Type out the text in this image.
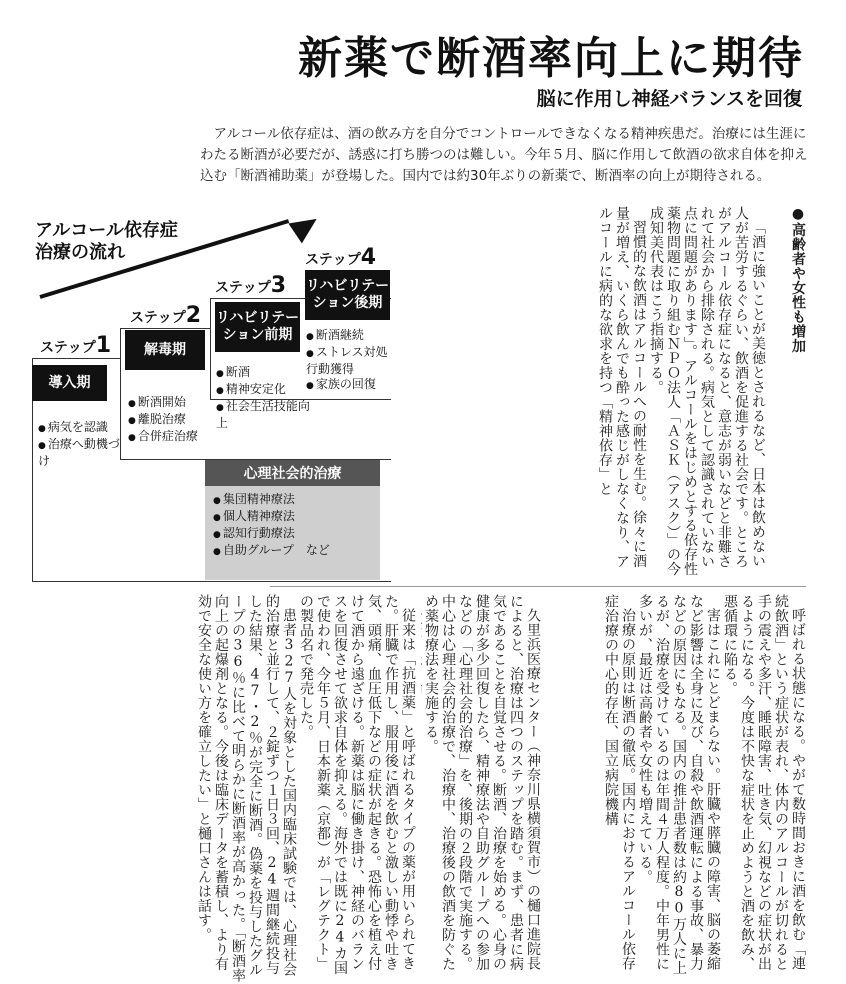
新薬で断酒率向上に期待
脳に作用し神経バランスを回復
アルコール依存症は、酒の飲み方を自分でコントロールできなくなる精神疾患だ。治療には生涯にわたる断酒が必要だが、誘惑に打ち勝つのは難しい。今年５月、脳に作用して飲酒の欲求自体を抑え込む「断酒補助薬」が登場した。国内では約30年ぶりの新薬で、断酒率の向上が期待される。

●高齢者や女性も増加

「酒に強いことが美徳とされるなど、日本は飲めない人が苦労するぐらい、飲酒を促進する社会です。ところがアルコール依存症になると、意志が弱いなどと非難されて社会から排除される。病気として認識されていない点に問題があります」。アルコールをはじめとする依存性薬物問題に取り組むＮＰＯ法人「ＡＳＫ（アスク）」の今成知美代表はこう指摘する。

習慣的な飲酒はアルコールへの耐性を生む。徐々に酒量が増え、いくら飲んでも酔った感じがしなくなり、アルコールに病的な欲求を持つ「精神依存」と

呼ばれる状態になる。やがて数時間おきに酒を飲む「連続飲酒」という症状が表れ、体内のアルコールが切れると手の震えや多汗、睡眠障害、吐き気、幻視などの症状が出るようになる。今度は不快な症状を止めようと酒を飲み、悪循環に陥る。

害はこれにとどまらない。肝臓や膵臓の障害、脳の萎縮など影響は全身に及び、自殺や飲酒運転による事故、暴力などの原因にもなる。国内の推計患者数は約80万人に上るが、治療を受けているのは年間４万人程度。中年男性に多いが、最近は高齢者や女性も増えている。

治療の原則は断酒の徹底。国内におけるアルコール依存症治療の中心的存在、国立病院機構

久里浜医療センター（神奈川県横須賀市）の樋口進院長によると、治療は四つのステップを踏む。まず、患者に病気であることを自覚させる。断酒、治療を始める。心身の健康が多少回復したら、精神療法や自助グループへの参加などの「心理社会的治療」を、後期の２段階で実施する。中心は心理社会的治療で、治療中、治療後の飲酒を防ぐため薬物療法を実施する。

従来は「抗酒薬」と呼ばれるタイプの薬が用いられてきた。肝臓で作用し、服用後に酒を飲むと激しい動悸や吐き気、頭痛、血圧低下などの症状が起きる。恐怖心を植え付けて酒から遠ざける。新薬は脳に働き掛け、神経のバランスを回復させて欲求自体を抑える。海外では既に24カ国で使われ、今年５月、日本新薬（京都）が「レグテクト」の製品名で発売した。

患者327人を対象とした国内臨床試験では、心理社会的治療と並行して、２錠ずつ１日３回、24週間継続投与した結果、47・2％が完全に断酒。偽薬を投与したグループの36％に比べて明らかに断酒率が高かった。「断酒率向上の起爆剤となる。今後は臨床データを蓄積し、より有効で安全な使い方を確立したい」と樋口さんは話す。

アルコール依存症
治療の流れ
ステップ1
導入期
● 病気を認識
● 治療へ動機づけ
ステップ2
解毒期
● 断酒開始
● 離脱治療
● 合併症治療
ステップ3
リハビリテーション前期
● 断酒
● 精神安定化
● 社会生活技能向上
ステップ4
リハビリテーション後期
● 断酒継続
● ストレス対処行動獲得
● 家族の回復
心理社会的治療
● 集団精神療法
● 個人精神療法
● 認知行動療法
● 自助グループ　など
